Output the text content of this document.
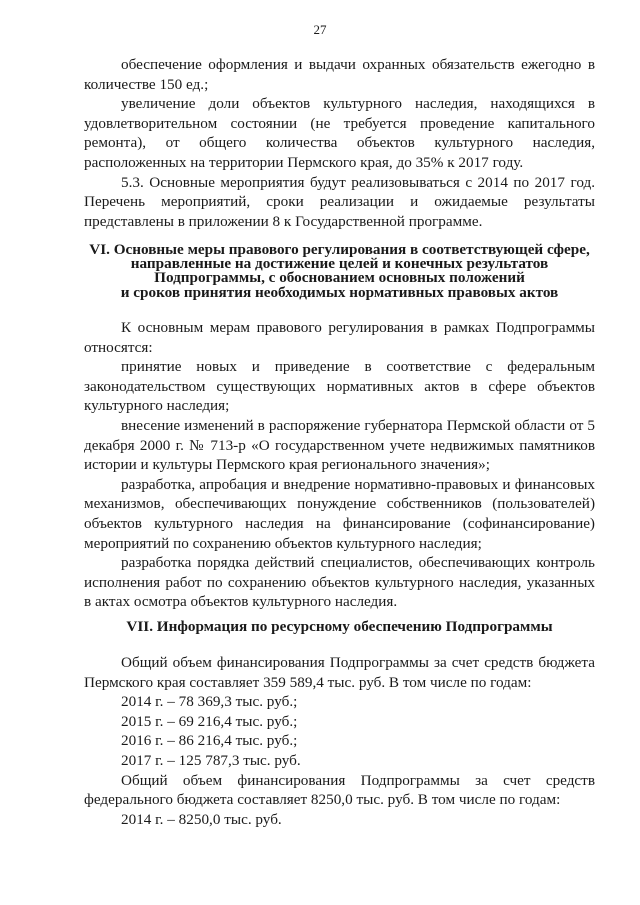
27

обеспечение оформления и выдачи охранных обязательств ежегодно в количестве 150 ед.;

увеличение доли объектов культурного наследия, находящихся в удовлетворительном состоянии (не требуется проведение капитального ремонта), от общего количества объектов культурного наследия, расположенных на территории Пермского края, до 35% к 2017 году.

5.3. Основные мероприятия будут реализовываться с 2014 по 2017 год. Перечень мероприятий, сроки реализации и ожидаемые результаты представлены в приложении 8 к Государственной программе.

VI. Основные меры правового регулирования в соответствующей сфере,
направленные на достижение целей и конечных результатов
Подпрограммы, с обоснованием основных положений
и сроков принятия необходимых нормативных правовых актов

К основным мерам правового регулирования в рамках Подпрограммы относятся:

принятие новых и приведение в соответствие с федеральным законодательством существующих нормативных актов в сфере объектов культурного наследия;

внесение изменений в распоряжение губернатора Пермской области от 5 декабря 2000 г. № 713-р «О государственном учете недвижимых памятников истории и культуры Пермского края регионального значения»;

разработка, апробация и внедрение нормативно-правовых и финансовых механизмов, обеспечивающих понуждение собственников (пользователей) объектов культурного наследия на финансирование (софинансирование) мероприятий по сохранению объектов культурного наследия;

разработка порядка действий специалистов, обеспечивающих контроль исполнения работ по сохранению объектов культурного наследия, указанных в актах осмотра объектов культурного наследия.

VII. Информация по ресурсному обеспечению Подпрограммы

Общий объем финансирования Подпрограммы за счет средств бюджета Пермского края составляет 359 589,4 тыс. руб. В том числе по годам:

2014 г. – 78 369,3 тыс. руб.;

2015 г. – 69 216,4 тыс. руб.;

2016 г. – 86 216,4 тыс. руб.;

2017 г. – 125 787,3 тыс. руб.

Общий объем финансирования Подпрограммы за счет средств федерального бюджета составляет 8250,0 тыс. руб. В том числе по годам:

2014 г. – 8250,0 тыс. руб.
